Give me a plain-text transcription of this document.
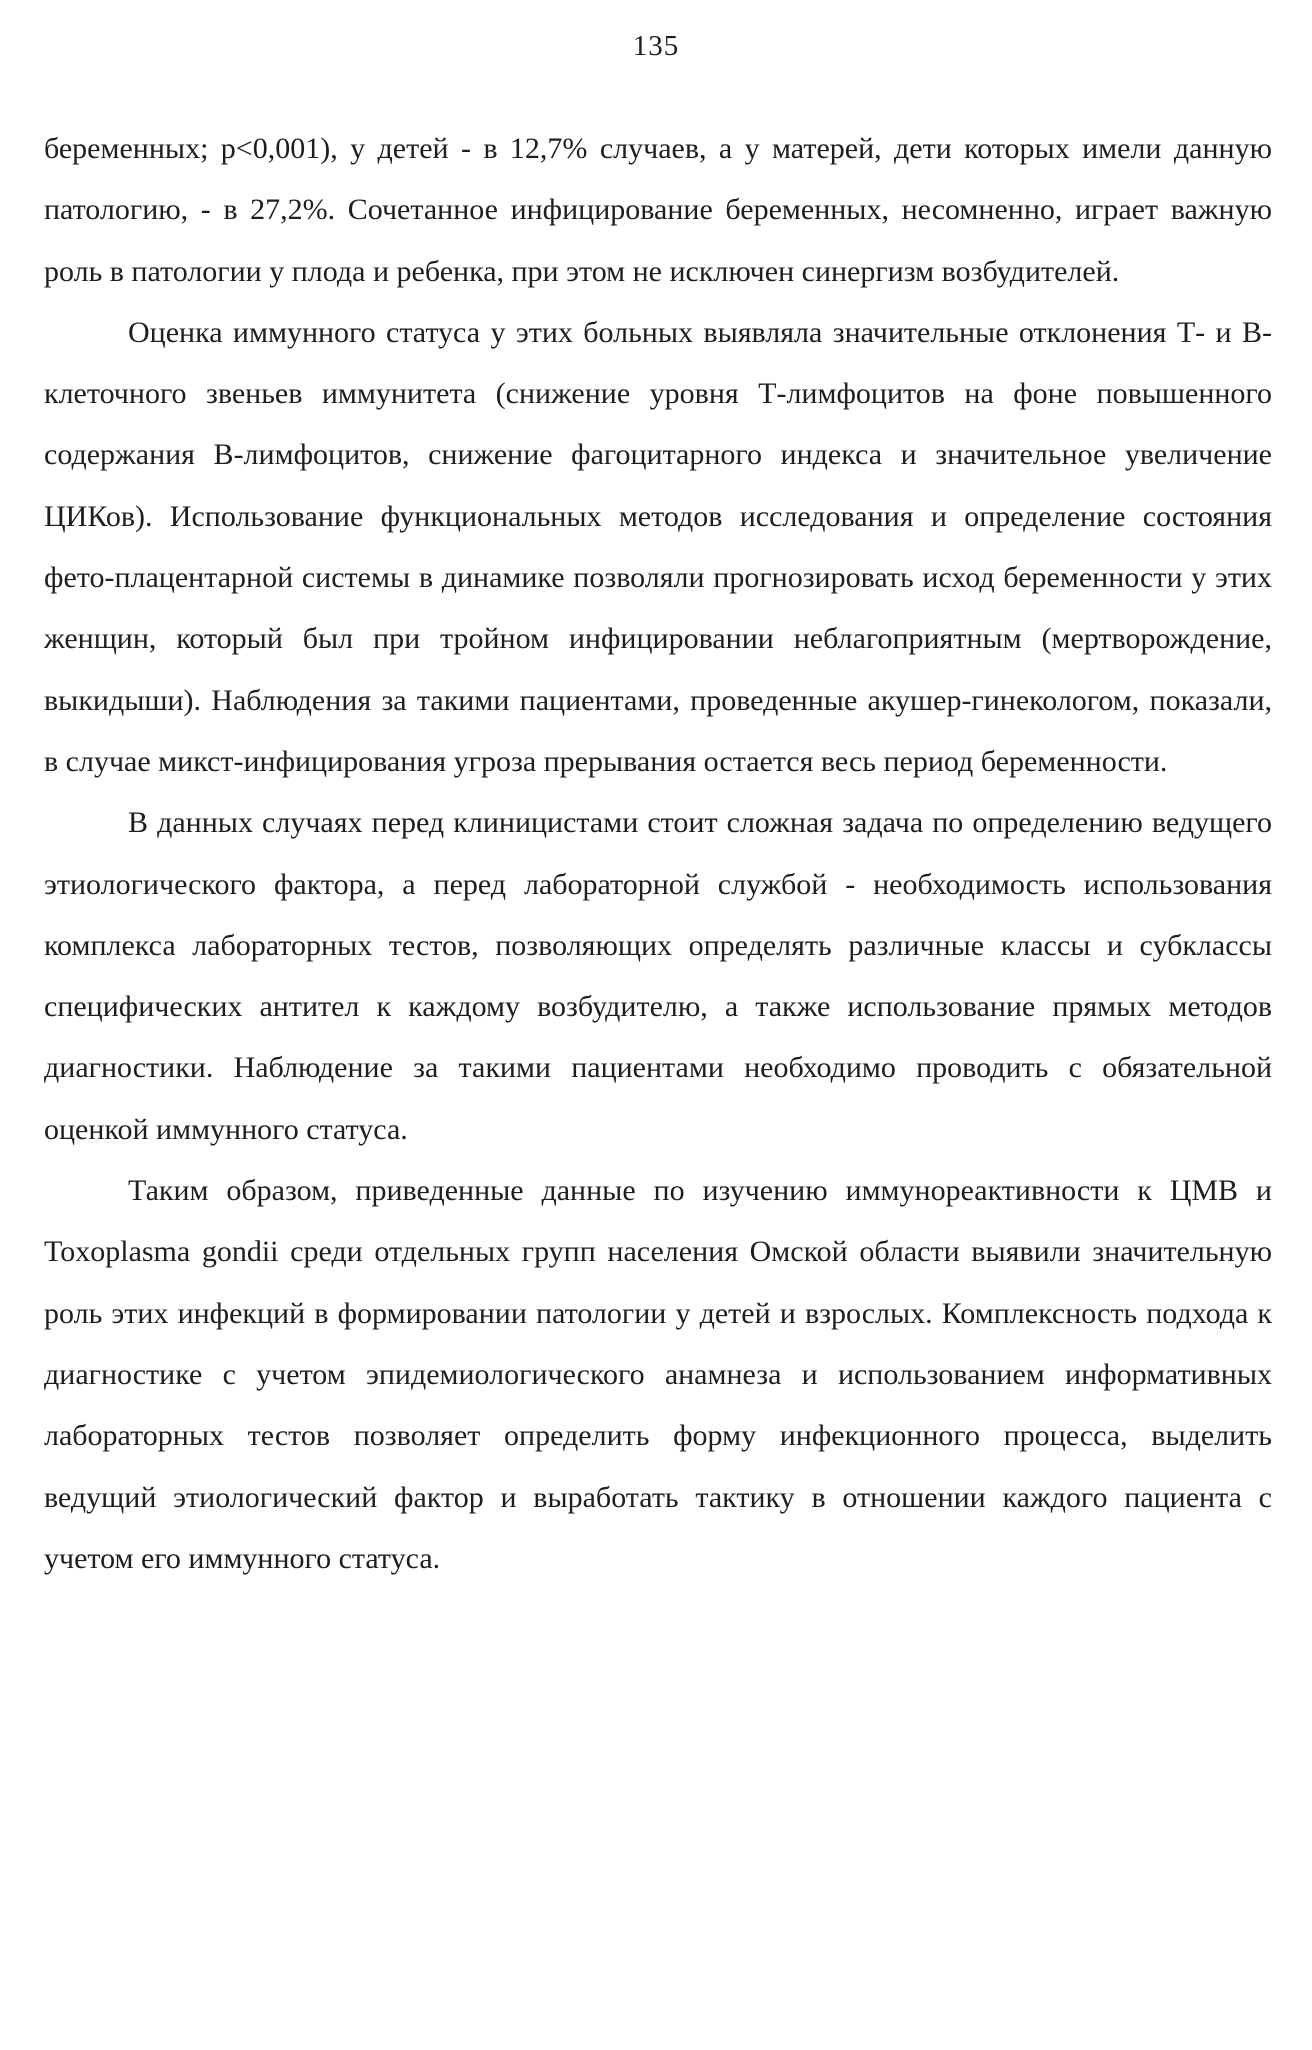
135

беременных; p<0,001), у детей - в 12,7% случаев, а у матерей, дети которых имели данную патологию, - в 27,2%. Сочетанное инфицирование беременных, несомненно, играет важную роль в патологии у плода и ребенка, при этом не исключен синергизм возбудителей.

Оценка иммунного статуса у этих больных выявляла значительные отклонения Т- и В-клеточного звеньев иммунитета (снижение уровня Т-лимфоцитов на фоне повышенного содержания В-лимфоцитов, снижение фагоцитарного индекса и значительное увеличение ЦИКов). Использование функциональных методов исследования и определение состояния фето-плацентарной системы в динамике позволяли прогнозировать исход беременности у этих женщин, который был при тройном инфицировании неблагоприятным (мертворождение, выкидыши). Наблюдения за такими пациентами, проведенные акушер-гинекологом, показали, в случае микст-инфицирования угроза прерывания остается весь период беременности.

В данных случаях перед клиницистами стоит сложная задача по определению ведущего этиологического фактора, а перед лабораторной службой - необходимость использования комплекса лабораторных тестов, позволяющих определять различные классы и субклассы специфических антител к каждому возбудителю, а также использование прямых методов диагностики. Наблюдение за такими пациентами необходимо проводить с обязательной оценкой иммунного статуса.

Таким образом, приведенные данные по изучению иммунореактивности к ЦМВ и Toxoplasma gondii среди отдельных групп населения Омской области выявили значительную роль этих инфекций в формировании патологии у детей и взрослых. Комплексность подхода к диагностике с учетом эпидемиологического анамнеза и использованием информативных лабораторных тестов позволяет определить форму инфекционного процесса, выделить ведущий этиологический фактор и выработать тактику в отношении каждого пациента с учетом его иммунного статуса.
